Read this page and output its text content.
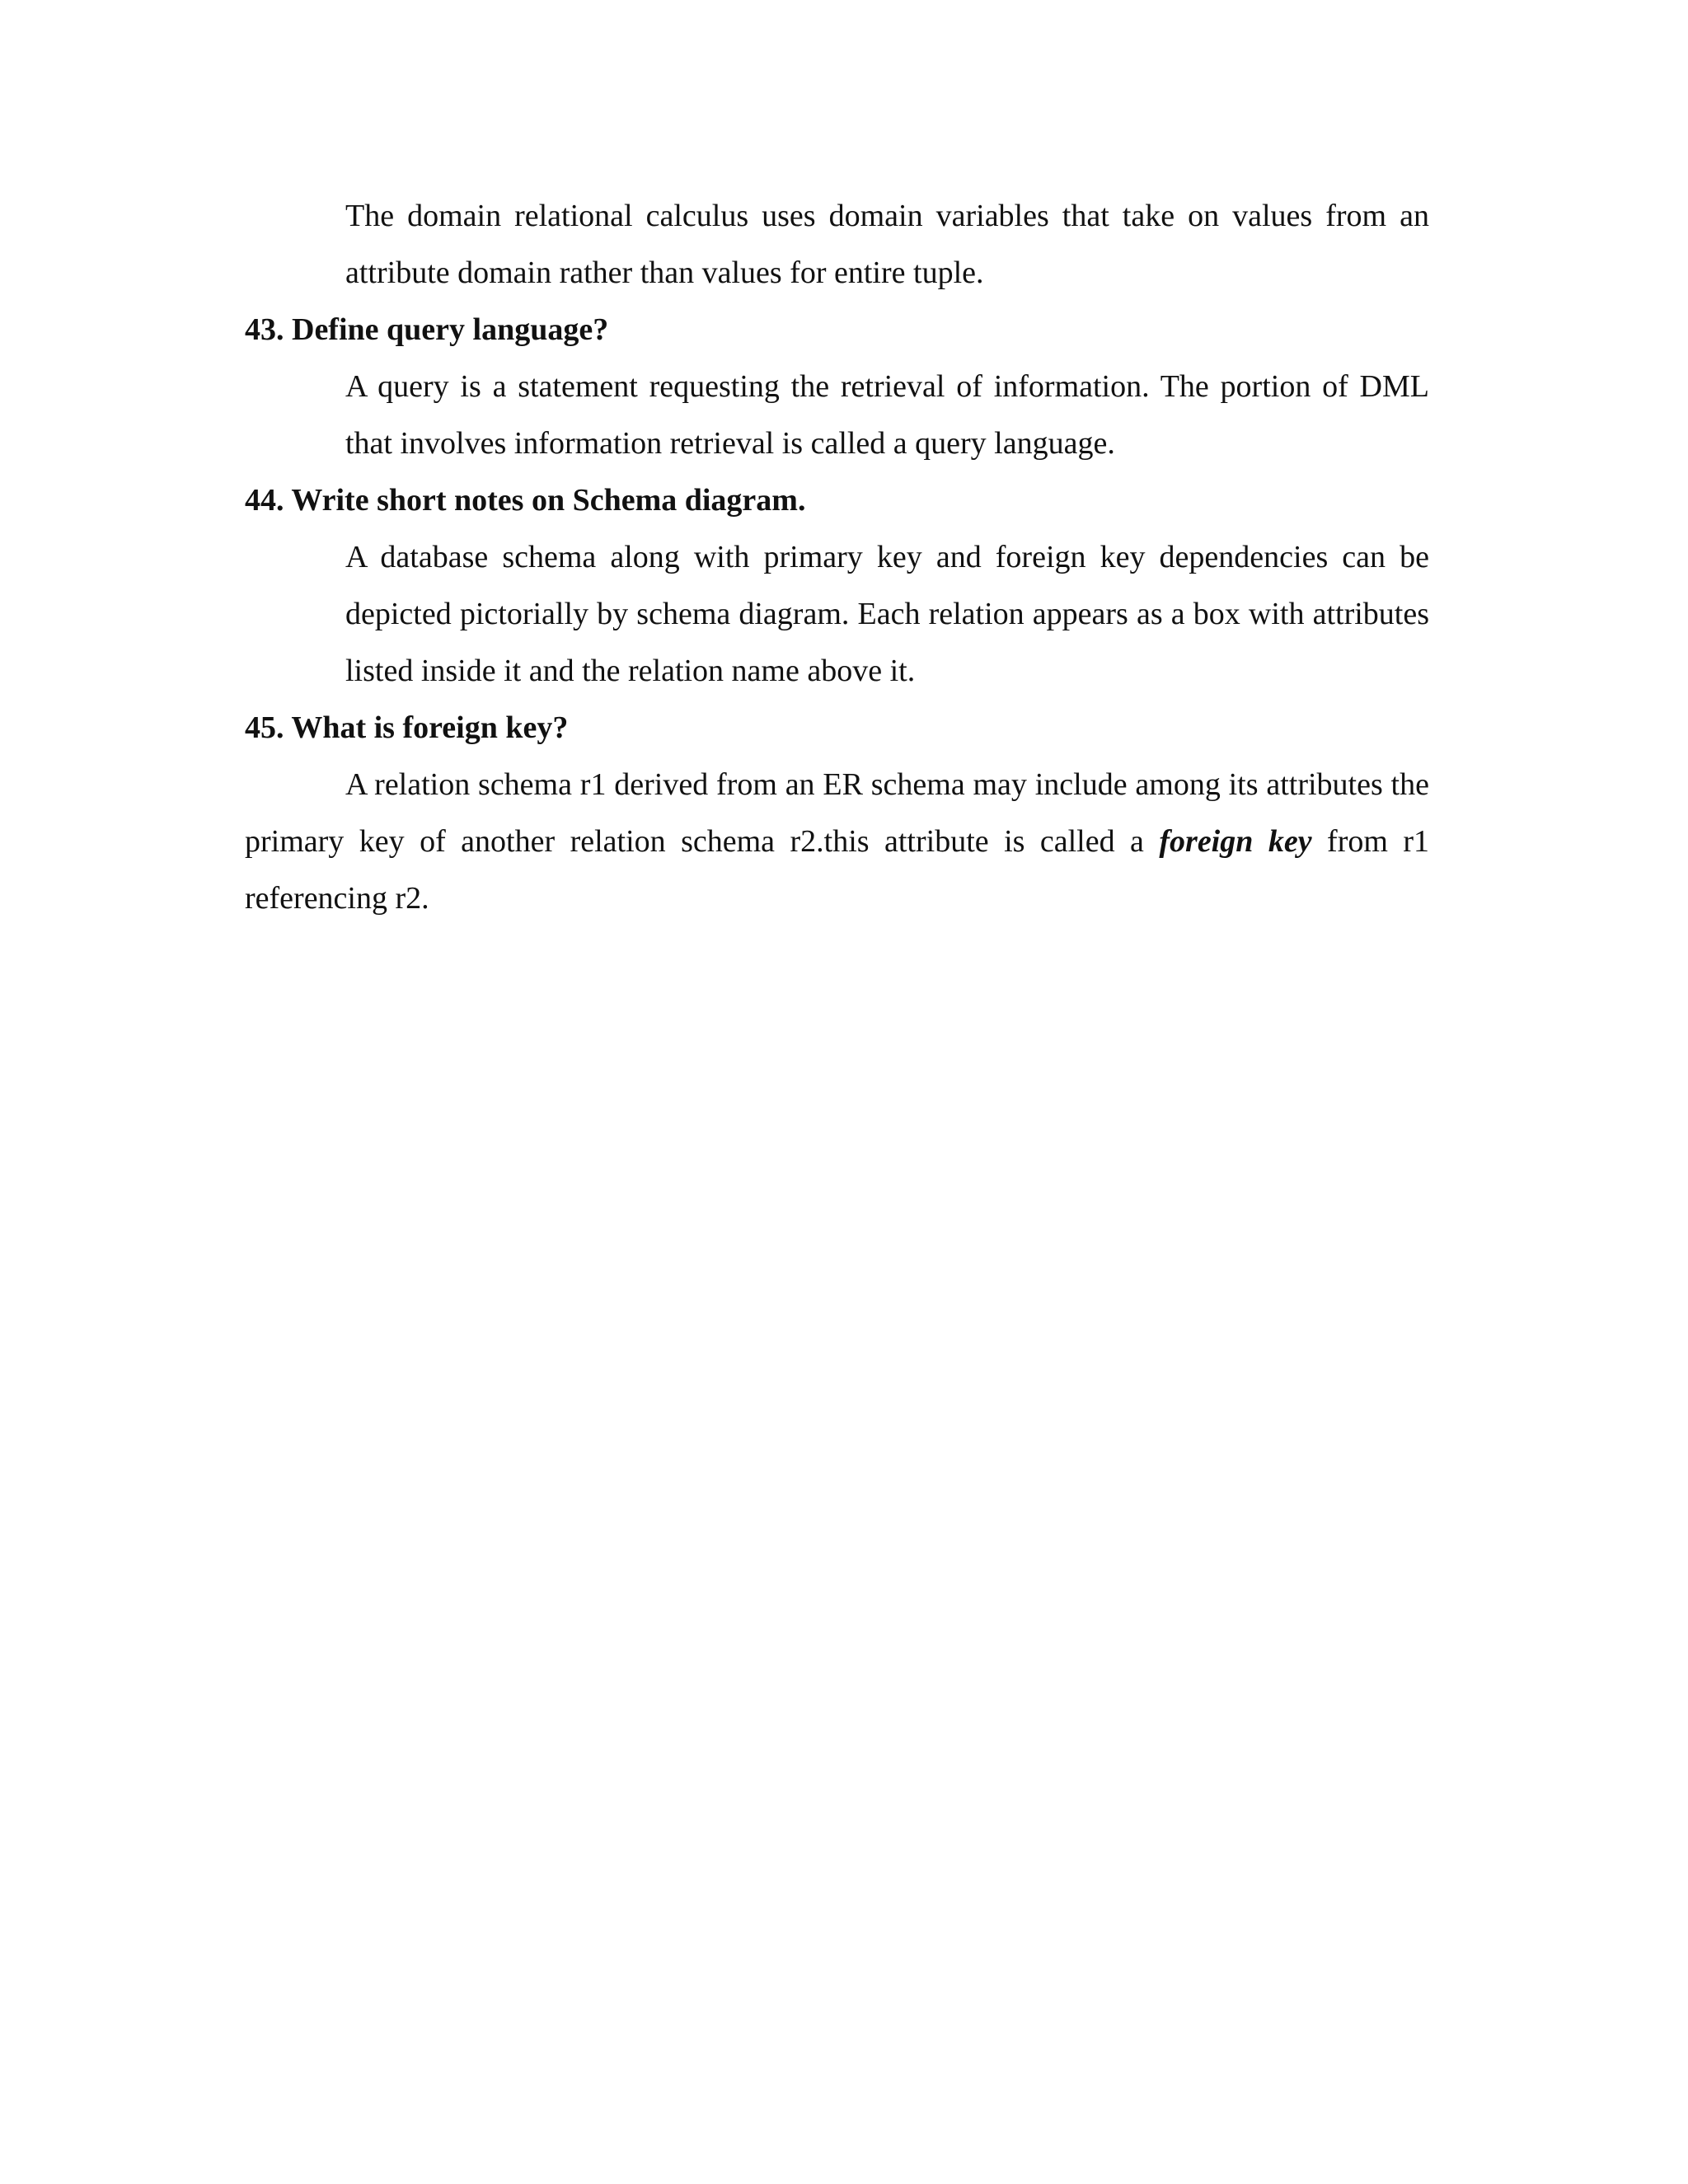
The domain relational calculus uses domain variables that take on values from an attribute domain rather than values for entire tuple.

43. Define query language?

A query is a statement requesting the retrieval of information. The portion of DML that involves information retrieval is called a query language.

44. Write short notes on Schema diagram.

A database schema along with primary key and foreign key dependencies can be depicted pictorially by schema diagram. Each relation appears as a box with attributes listed inside it and the relation name above it.

45. What is foreign key?

A relation schema r1 derived from an ER schema may include among its attributes the primary key of another relation schema r2.this attribute is called a foreign key from r1 referencing r2.
